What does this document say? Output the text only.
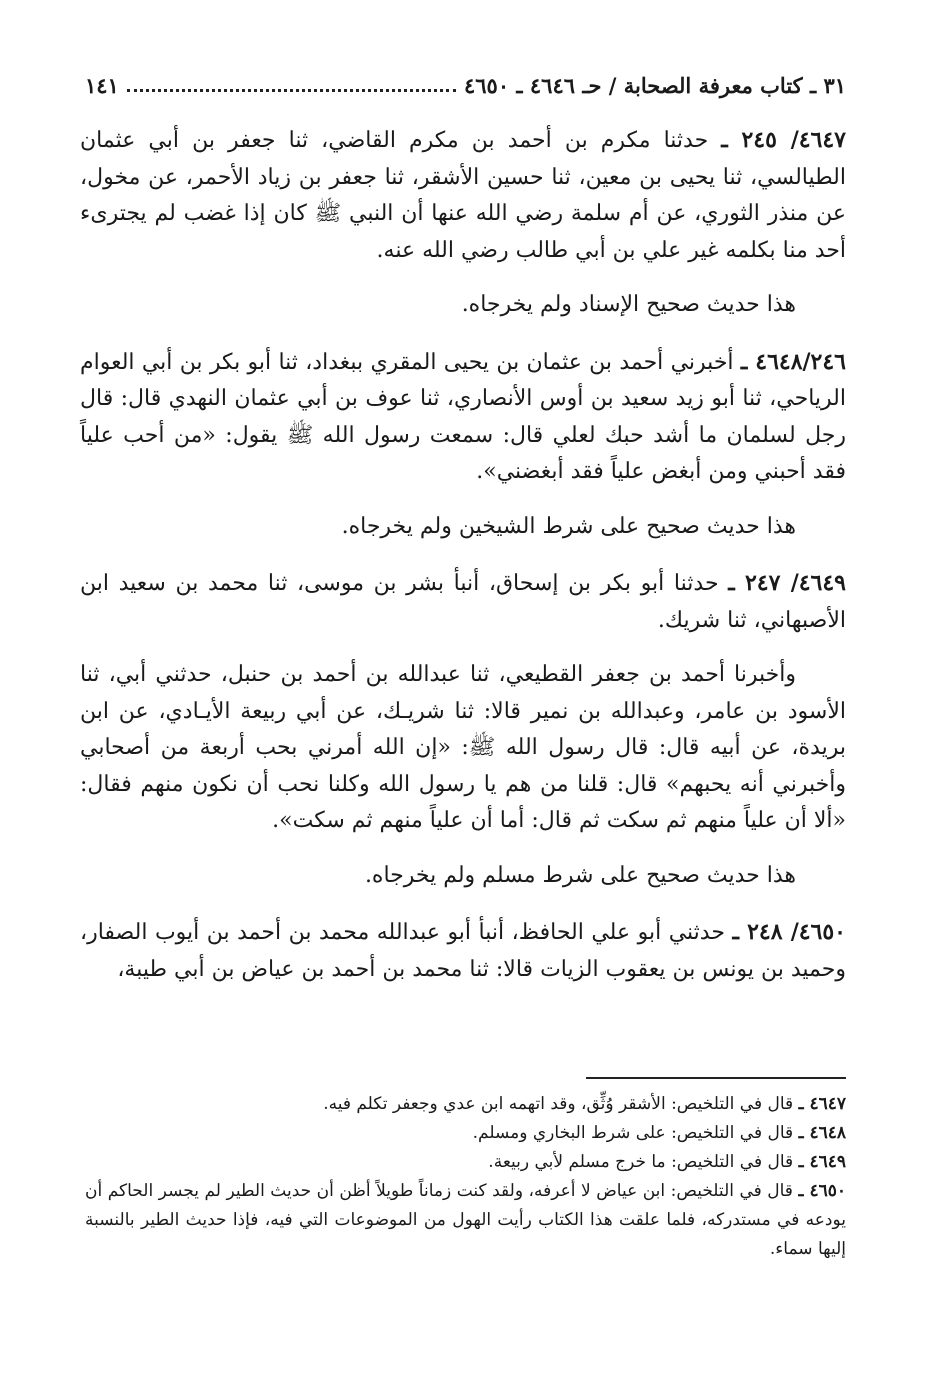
٣١ ـ كتاب معرفة الصحابة / حـ ٤٦٤٦ ـ ٤٦٥٠
١٤١

٤٦٤٧/ ٢٤٥ ـ حدثنا مكرم بن أحمد بن مكرم القاضي، ثنا جعفر بن أبي عثمان الطيالسي، ثنا يحيى بن معين، ثنا حسين الأشقر، ثنا جعفر بن زياد الأحمر، عن مخول، عن منذر الثوري، عن أم سلمة رضي الله عنها أن النبي ﷺ كان إذا غضب لم يجترىء أحد منا بكلمه غير علي بن أبي طالب رضي الله عنه.

هذا حديث صحيح الإسناد ولم يخرجاه.

٤٦٤٨/٢٤٦ ـ أخبرني أحمد بن عثمان بن يحيى المقري ببغداد، ثنا أبو بكر بن أبي العوام الرياحي، ثنا أبو زيد سعيد بن أوس الأنصاري، ثنا عوف بن أبي عثمان النهدي قال: قال رجل لسلمان ما أشد حبك لعلي قال: سمعت رسول الله ﷺ يقول: «من أحب علياً فقد أحبني ومن أبغض علياً فقد أبغضني».

هذا حديث صحيح على شرط الشيخين ولم يخرجاه.

٤٦٤٩/ ٢٤٧ ـ حدثنا أبو بكر بن إسحاق، أنبأ بشر بن موسى، ثنا محمد بن سعيد ابن الأصبهاني، ثنا شريك.

وأخبرنا أحمد بن جعفر القطيعي، ثنا عبدالله بن أحمد بن حنبل، حدثني أبي، ثنا الأسود بن عامر، وعبدالله بن نمير قالا: ثنا شريـك، عن أبي ربيعة الأيـادي، عن ابن بريدة، عن أبيه قال: قال رسول الله ﷺ: «إن الله أمرني بحب أربعة من أصحابي وأخبرني أنه يحبهم» قال: قلنا من هم يا رسول الله وكلنا نحب أن نكون منهم فقال: «ألا أن علياً منهم ثم سكت ثم قال: أما أن علياً منهم ثم سكت».

هذا حديث صحيح على شرط مسلم ولم يخرجاه.

٤٦٥٠/ ٢٤٨ ـ حدثني أبو علي الحافظ، أنبأ أبو عبدالله محمد بن أحمد بن أيوب الصفار، وحميد بن يونس بن يعقوب الزيات قالا: ثنا محمد بن أحمد بن عياض بن أبي طيبة،

٤٦٤٧ ـ قال في التلخيص: الأشقر وُثِّق، وقد اتهمه ابن عدي وجعفر تكلم فيه.

٤٦٤٨ ـ قال في التلخيص: على شرط البخاري ومسلم.

٤٦٤٩ ـ قال في التلخيص: ما خرج مسلم لأبي ربيعة.

٤٦٥٠ ـ قال في التلخيص: ابن عياض لا أعرفه، ولقد كنت زماناً طويلاً أظن أن حديث الطير لم يجسر الحاكم أن يودعه في مستدركه، فلما علقت هذا الكتاب رأيت الهول من الموضوعات التي فيه، فإذا حديث الطير بالنسبة إليها سماء.
